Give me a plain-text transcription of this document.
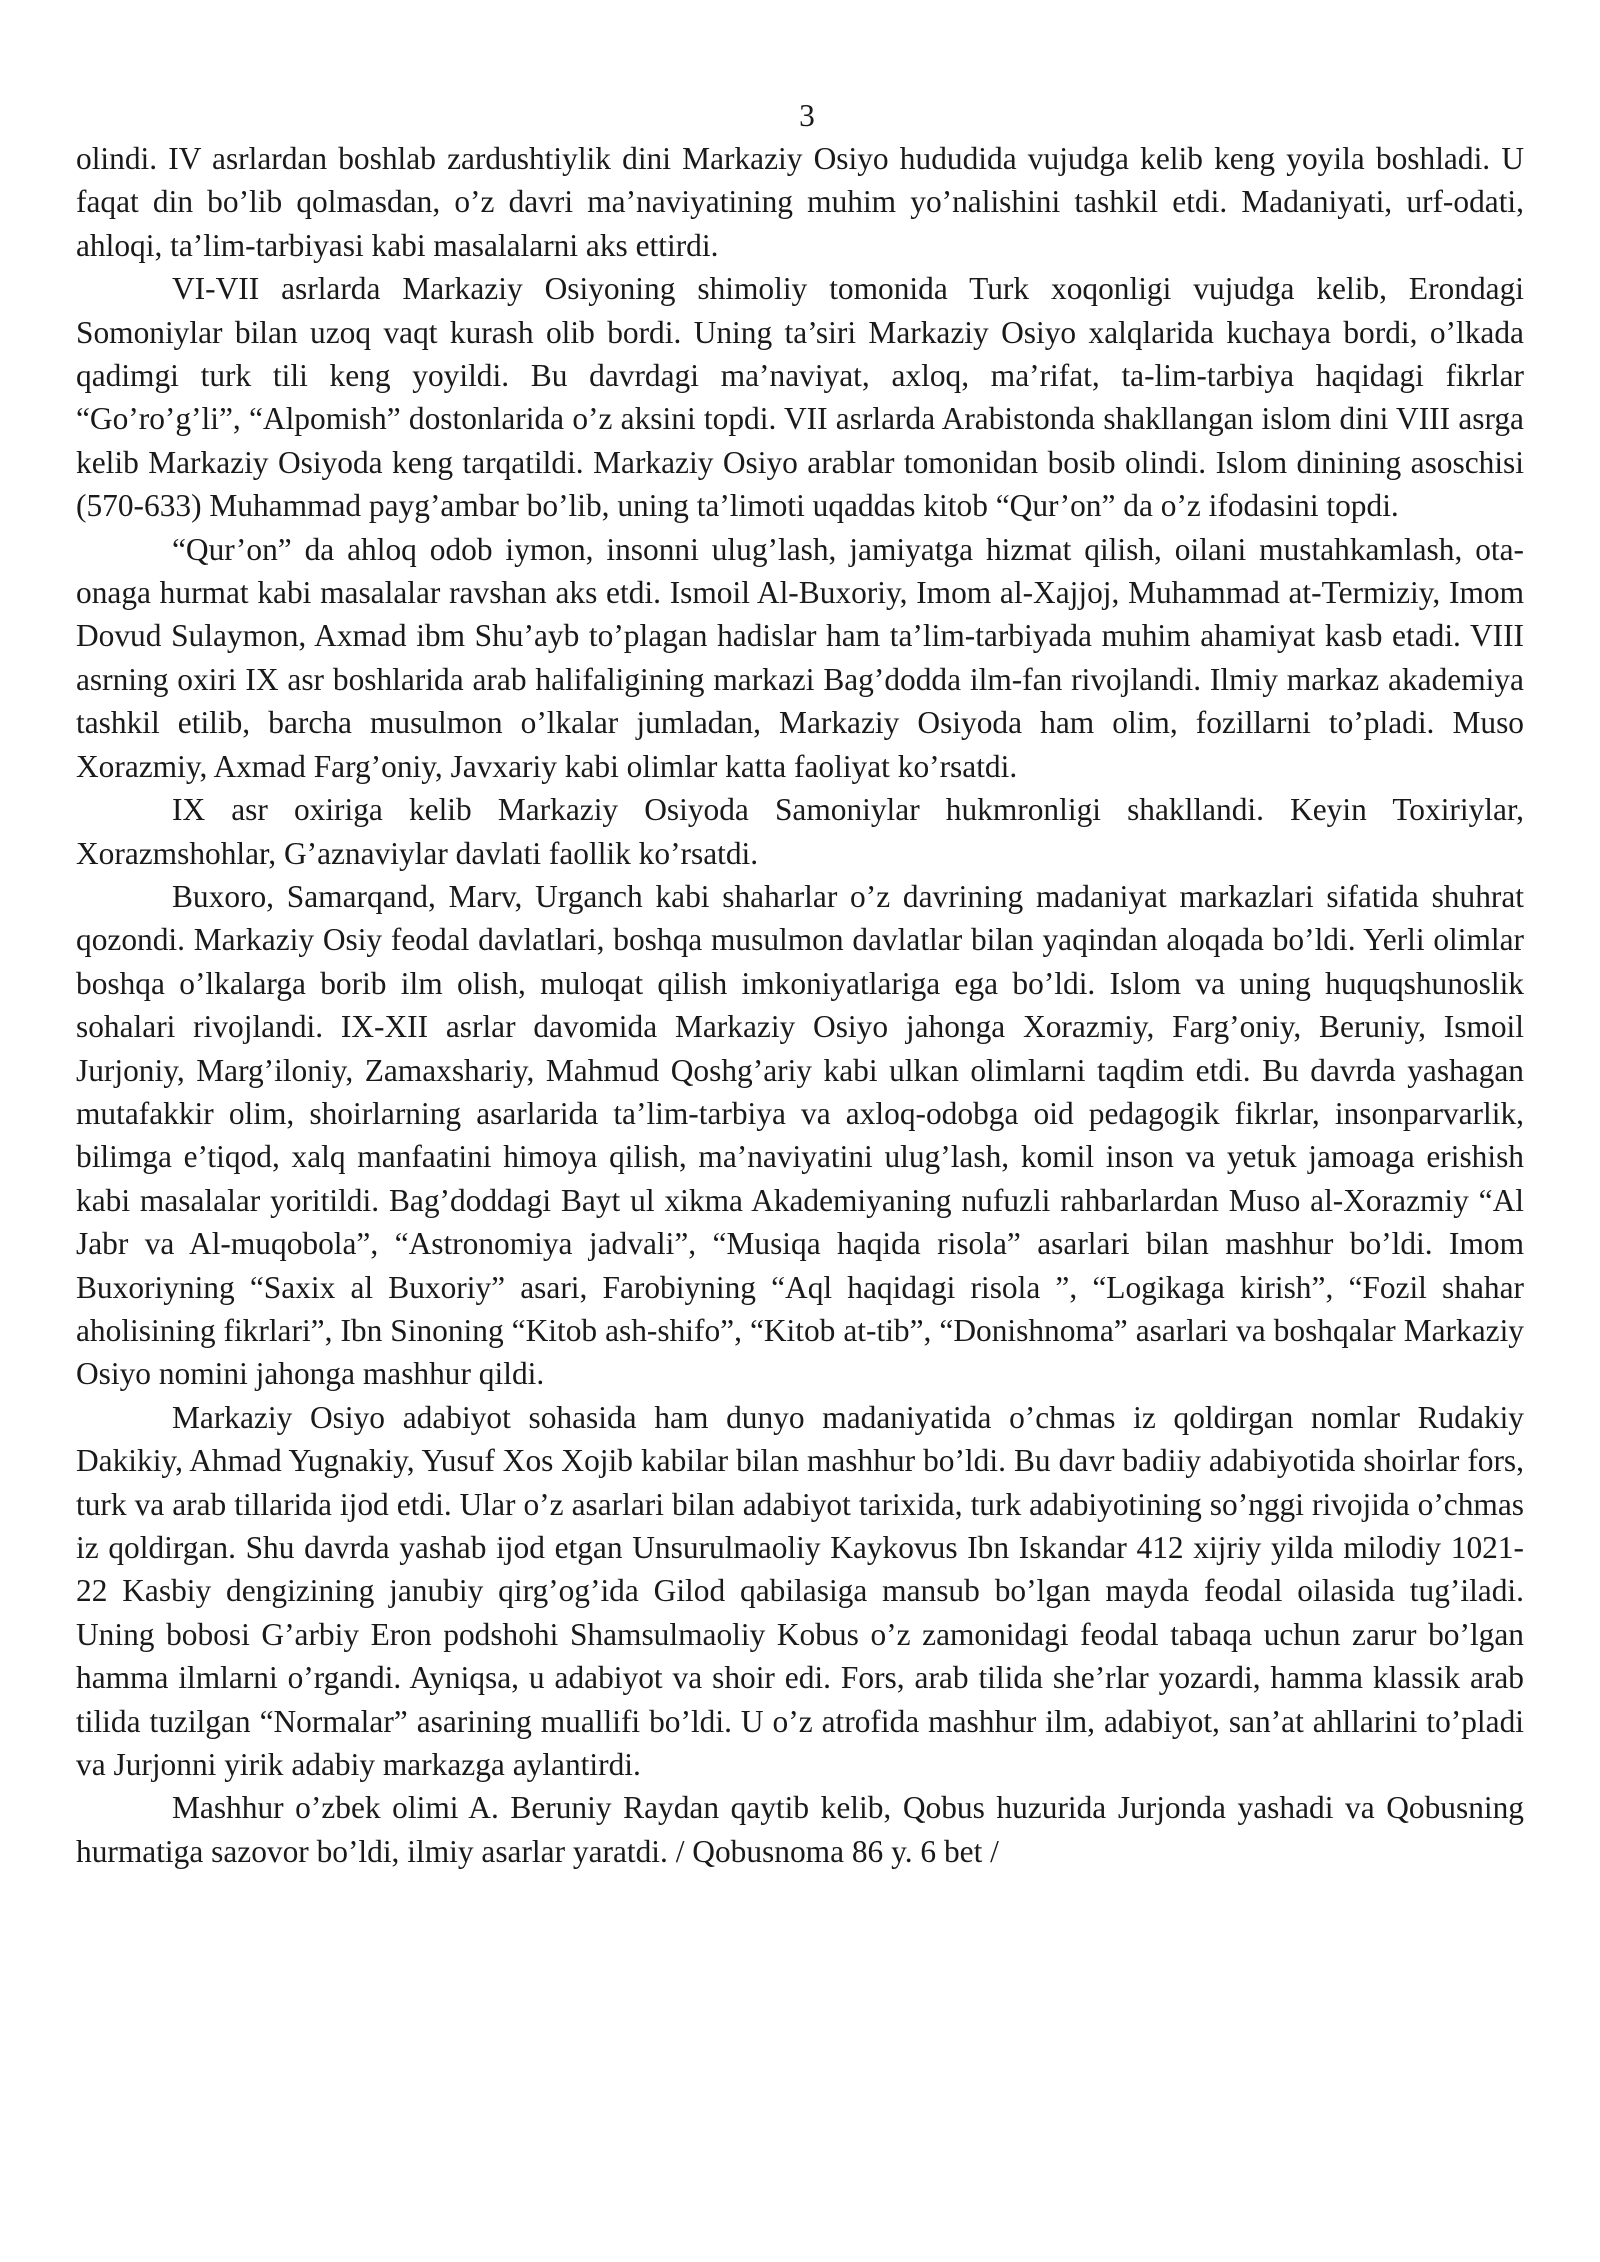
3

olindi. IV asrlardan boshlab zardushtiylik dini Markaziy Osiyo hududida vujudga kelib keng yoyila boshladi. U faqat din bo’lib qolmasdan, o’z davri ma’naviyatining muhim yo’nalishini tashkil etdi. Madaniyati, urf-odati, ahloqi, ta’lim-tarbiyasi kabi masalalarni aks ettirdi.

VI-VII asrlarda Markaziy Osiyoning shimoliy tomonida Turk xoqonligi vujudga kelib, Erondagi Somoniylar bilan uzoq vaqt kurash olib bordi. Uning ta’siri Markaziy Osiyo xalqlarida kuchaya bordi, o’lkada qadimgi turk tili keng yoyildi. Bu davrdagi ma’naviyat, axloq, ma’rifat, ta-lim-tarbiya haqidagi fikrlar “Go’ro’g’li”, “Alpomish” dostonlarida o’z aksini topdi. VII asrlarda Arabistonda shakllangan islom dini VIII asrga kelib Markaziy Osiyoda keng tarqatildi. Markaziy Osiyo arablar tomonidan bosib olindi. Islom dinining asoschisi (570-633) Muhammad payg’ambar bo’lib, uning ta’limoti uqaddas kitob “Qur’on” da o’z ifodasini topdi.

“Qur’on” da ahloq odob iymon, insonni ulug’lash, jamiyatga hizmat qilish, oilani mustahkamlash, ota-onaga hurmat kabi masalalar ravshan aks etdi. Ismoil Al-Buxoriy, Imom al-Xajjoj, Muhammad at-Termiziy, Imom Dovud Sulaymon, Axmad ibm Shu’ayb to’plagan hadislar ham ta’lim-tarbiyada muhim ahamiyat kasb etadi. VIII asrning oxiri IX asr boshlarida arab halifaligining markazi Bag’dodda ilm-fan rivojlandi. Ilmiy markaz akademiya tashkil etilib, barcha musulmon o’lkalar jumladan, Markaziy Osiyoda ham olim, fozillarni to’pladi. Muso Xorazmiy, Axmad Farg’oniy, Javxariy kabi olimlar katta faoliyat ko’rsatdi.

IX asr oxiriga kelib Markaziy Osiyoda Samoniylar hukmronligi shakllandi. Keyin Toxiriylar, Xorazmshohlar, G’aznaviylar davlati faollik ko’rsatdi.

Buxoro, Samarqand, Marv, Urganch kabi shaharlar o’z davrining madaniyat markazlari sifatida shuhrat qozondi. Markaziy Osiy feodal davlatlari, boshqa musulmon davlatlar bilan yaqindan aloqada bo’ldi. Yerli olimlar boshqa o’lkalarga borib ilm olish, muloqat qilish imkoniyatlariga ega bo’ldi. Islom va uning huquqshunoslik sohalari rivojlandi. IX-XII asrlar davomida Markaziy Osiyo jahonga Xorazmiy, Farg’oniy, Beruniy, Ismoil Jurjoniy, Marg’iloniy, Zamaxshariy, Mahmud Qoshg’ariy kabi ulkan olimlarni taqdim etdi. Bu davrda yashagan mutafakkir olim, shoirlarning asarlarida ta’lim-tarbiya va axloq-odobga oid pedagogik fikrlar, insonparvarlik, bilimga e’tiqod, xalq manfaatini himoya qilish, ma’naviyatini ulug’lash, komil inson va yetuk jamoaga erishish kabi masalalar yoritildi. Bag’doddagi Bayt ul xikma Akademiyaning nufuzli rahbarlardan Muso al-Xorazmiy “Al Jabr va Al-muqobola”, “Astronomiya jadvali”, “Musiqa haqida risola” asarlari bilan mashhur bo’ldi. Imom Buxoriyning “Saxix al Buxoriy” asari, Farobiyning “Aql haqidagi risola ”, “Logikaga kirish”, “Fozil shahar aholisining fikrlari”, Ibn Sinoning “Kitob ash-shifo”, “Kitob at-tib”, “Donishnoma” asarlari va boshqalar Markaziy Osiyo nomini jahonga mashhur qildi.

Markaziy Osiyo adabiyot sohasida ham dunyo madaniyatida o’chmas iz qoldirgan nomlar Rudakiy Dakikiy, Ahmad Yugnakiy, Yusuf Xos Xojib kabilar bilan mashhur bo’ldi. Bu davr badiiy adabiyotida shoirlar fors, turk va arab tillarida ijod etdi. Ular o’z asarlari bilan adabiyot tarixida, turk adabiyotining so’nggi rivojida o’chmas iz qoldirgan. Shu davrda yashab ijod etgan Unsurulmaoliy Kaykovus Ibn Iskandar 412 xijriy yilda milodiy 1021-22 Kasbiy dengizining janubiy qirg’og’ida Gilod qabilasiga mansub bo’lgan mayda feodal oilasida tug’iladi. Uning bobosi G’arbiy Eron podshohi Shamsulmaoliy Kobus o’z zamonidagi feodal tabaqa uchun zarur bo’lgan hamma ilmlarni o’rgandi. Ayniqsa, u adabiyot va shoir edi. Fors, arab tilida she’rlar yozardi, hamma klassik arab tilida tuzilgan “Normalar” asarining muallifi bo’ldi. U o’z atrofida mashhur ilm, adabiyot, san’at ahllarini to’pladi va Jurjonni yirik adabiy markazga aylantirdi.

Mashhur o’zbek olimi A. Beruniy Raydan qaytib kelib, Qobus huzurida Jurjonda yashadi va Qobusning hurmatiga sazovor bo’ldi, ilmiy asarlar yaratdi. / Qobusnoma 86 y. 6 bet /
